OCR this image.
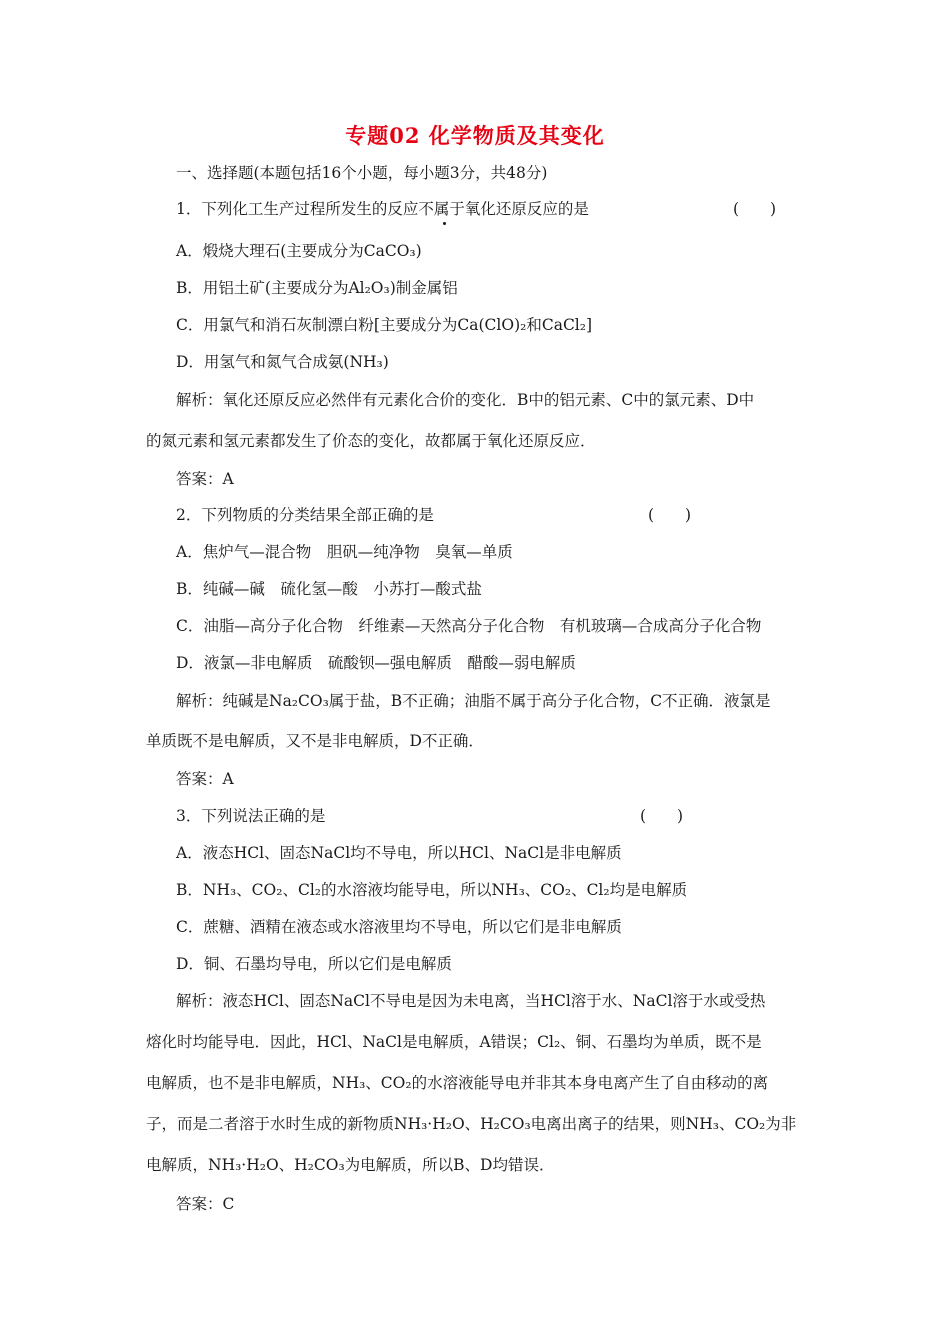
专题02 化学物质及其变化
一、选择题(本题包括16个小题，每小题3分，共48分)
1．下列化工生产过程所发生的反应不属于氧化还原反应的是	(　　)
A．煅烧大理石(主要成分为CaCO₃)
B．用铝土矿(主要成分为Al₂O₃)制金属铝
C．用氯气和消石灰制漂白粉[主要成分为Ca(ClO)₂和CaCl₂]
D．用氢气和氮气合成氨(NH₃)
解析：氧化还原反应必然伴有元素化合价的变化．B中的铝元素、C中的氯元素、D中
的氮元素和氢元素都发生了价态的变化，故都属于氧化还原反应．
答案：A
2．下列物质的分类结果全部正确的是	(　　)
A．焦炉气—混合物　胆矾—纯净物　臭氧—单质
B．纯碱—碱　硫化氢—酸　小苏打—酸式盐
C．油脂—高分子化合物　纤维素—天然高分子化合物　有机玻璃—合成高分子化合物
D．液氯—非电解质　硫酸钡—强电解质　醋酸—弱电解质
解析：纯碱是Na₂CO₃属于盐，B不正确；油脂不属于高分子化合物，C不正确．液氯是
单质既不是电解质，又不是非电解质，D不正确．
答案：A
3．下列说法正确的是	(　　)
A．液态HCl、固态NaCl均不导电，所以HCl、NaCl是非电解质
B．NH₃、CO₂、Cl₂的水溶液均能导电，所以NH₃、CO₂、Cl₂均是电解质
C．蔗糖、酒精在液态或水溶液里均不导电，所以它们是非电解质
D．铜、石墨均导电，所以它们是电解质
解析：液态HCl、固态NaCl不导电是因为未电离，当HCl溶于水、NaCl溶于水或受热
熔化时均能导电．因此，HCl、NaCl是电解质，A错误；Cl₂、铜、石墨均为单质，既不是
电解质，也不是非电解质，NH₃、CO₂的水溶液能导电并非其本身电离产生了自由移动的离
子，而是二者溶于水时生成的新物质NH₃·H₂O、H₂CO₃电离出离子的结果，则NH₃、CO₂为非
电解质，NH₃·H₂O、H₂CO₃为电解质，所以B、D均错误．
答案：C
